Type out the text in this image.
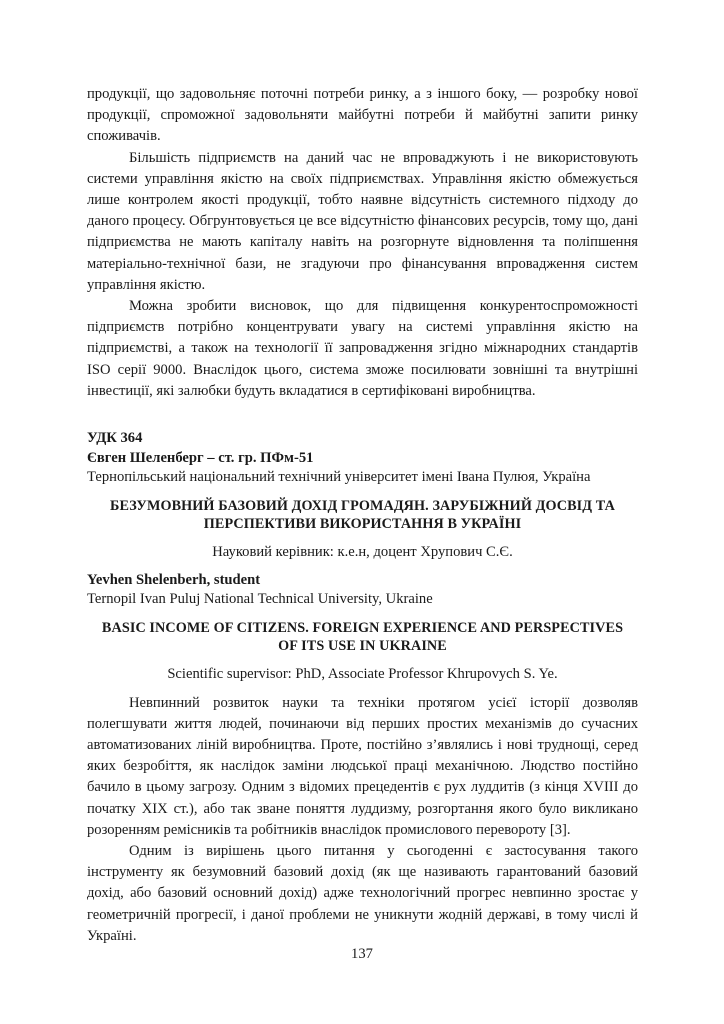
продукції, що задовольняє поточні потреби ринку, а з іншого боку, — розробку нової продукції, спроможної задовольняти майбутні потреби й майбутні запити ринку споживачів.

Більшість підприємств на даний час не впроваджують і не використовують системи управління якістю на своїх підприємствах. Управління якістю обмежується лише контролем якості продукції, тобто наявне відсутність системного підходу до даного процесу. Обгрунтовується це все відсутністю фінансових ресурсів, тому що, дані підприємства не мають капіталу навіть на розгорнуте відновлення та поліпшення матеріально-технічної бази, не згадуючи про фінансування впровадження систем управління якістю.

Можна зробити висновок, що для підвищення конкурентоспроможності підприємств потрібно концентрувати увагу на системі управління якістю на підприємстві, а також на технології її запровадження згідно міжнародних стандартів ISO серії 9000. Внаслідок цього, система зможе посилювати зовнішні та внутрішні інвестиції, які залюбки будуть вкладатися в сертифіковані виробництва.

УДК 364

Євген Шеленберг – ст. гр. ПФм-51

Тернопільський національний технічний університет імені Івана Пулюя, Україна

БЕЗУМОВНИЙ БАЗОВИЙ ДОХІД ГРОМАДЯН. ЗАРУБІЖНИЙ ДОСВІД ТА

ПЕРСПЕКТИВИ ВИКОРИСТАННЯ В УКРАЇНІ

Науковий керівник: к.е.н, доцент Хрупович С.Є.

Yevhen Shelenberh, student

Ternopil Ivan Puluj National Technical University, Ukraine

BASIC INCOME OF CITIZENS. FOREIGN EXPERIENCE AND PERSPECTIVES

OF ITS USE IN UKRAINE

Scientific supervisor: PhD, Associate Professor Khrupovych S. Ye.

Невпинний розвиток науки та техніки протягом усієї історії дозволяв полегшувати життя людей, починаючи від перших простих механізмів до сучасних автоматизованих ліній виробництва. Проте, постійно з’являлись і нові труднощі, серед яких безробіття, як наслідок заміни людської праці механічною. Людство постійно бачило в цьому загрозу. Одним з відомих прецедентів є рух луддитів (з кінця XVIII до початку XIX ст.), або так зване поняття луддизму, розгортання якого було викликано розоренням ремісників та робітників внаслідок промислового перевороту [3].

Одним із вирішень цього питання у сьогоденні є застосування такого інструменту як безумовний базовий дохід (як ще називають гарантований базовий дохід, або базовий основний дохід) адже технологічний прогрес невпинно зростає у геометричній прогресії, і даної проблеми не уникнути жодній державі, в тому числі й Україні.

137
